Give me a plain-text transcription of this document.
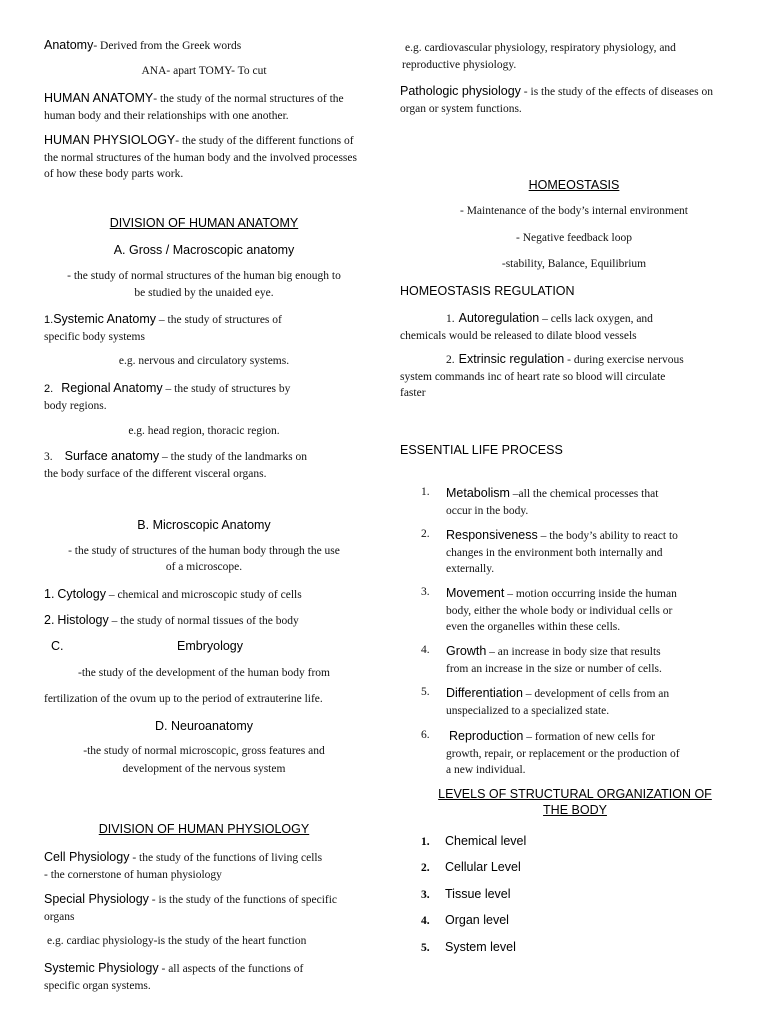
Anatomy- Derived from the Greek words
ANA- apart TOMY- To cut
HUMAN ANATOMY- the study of the normal structures of the human body and their relationships with one another.
HUMAN PHYSIOLOGY- the study of the different functions of the normal structures of the human body and the involved processes of how these body parts work.
DIVISION OF HUMAN ANATOMY
A. Gross / Macroscopic anatomy
- the study of normal structures of the human big enough to
be studied by the unaided eye.
1.Systemic Anatomy – the study of structures of
specific body systems
e.g. nervous and circulatory systems.
2. Regional Anatomy – the study of structures by
body regions.
e.g. head region, thoracic region.
3. Surface anatomy – the study of the landmarks on
the body surface of the different visceral organs.
B. Microscopic Anatomy
- the study of structures of the human body through the use
of a microscope.
1. Cytology – chemical and microscopic study of cells
2. Histology – the study of normal tissues of the body
C.	Embryology
-the study of the development of the human body from
fertilization of the ovum up to the period of extrauterine life.
D. Neuroanatomy
-the study of normal microscopic, gross features and
development of the nervous system
DIVISION OF HUMAN PHYSIOLOGY
Cell Physiology - the study of the functions of living cells
- the cornerstone of human physiology
Special Physiology - is the study of the functions of specific
organs
e.g. cardiac physiology-is the study of the heart function
Systemic Physiology - all aspects of the functions of
specific organ systems.
e.g. cardiovascular physiology, respiratory physiology, and
reproductive physiology.
Pathologic physiology - is the study of the effects of diseases on
organ or system functions.
HOMEOSTASIS
- Maintenance of the body’s internal environment
- Negative feedback loop
-stability, Balance, Equilibrium
HOMEOSTASIS REGULATION
1. Autoregulation – cells lack oxygen, and
chemicals would be released to dilate blood vessels
2. Extrinsic regulation - during exercise nervous
system commands inc of heart rate so blood will circulate
faster
ESSENTIAL LIFE PROCESS
1. Metabolism –all the chemical processes that
occur in the body.
2. Responsiveness – the body’s ability to react to
changes in the environment both internally and
externally.
3. Movement – motion occurring inside the human
body, either the whole body or individual cells or
even the organelles within these cells.
4. Growth – an increase in body size that results
from an increase in the size or number of cells.
5. Differentiation – development of cells from an
unspecialized to a specialized state.
6. Reproduction – formation of new cells for
growth, repair, or replacement or the production of
a new individual.
LEVELS OF STRUCTURAL ORGANIZATION OF
THE BODY
1. Chemical level
2. Cellular Level
3. Tissue level
4. Organ level
5. System level
